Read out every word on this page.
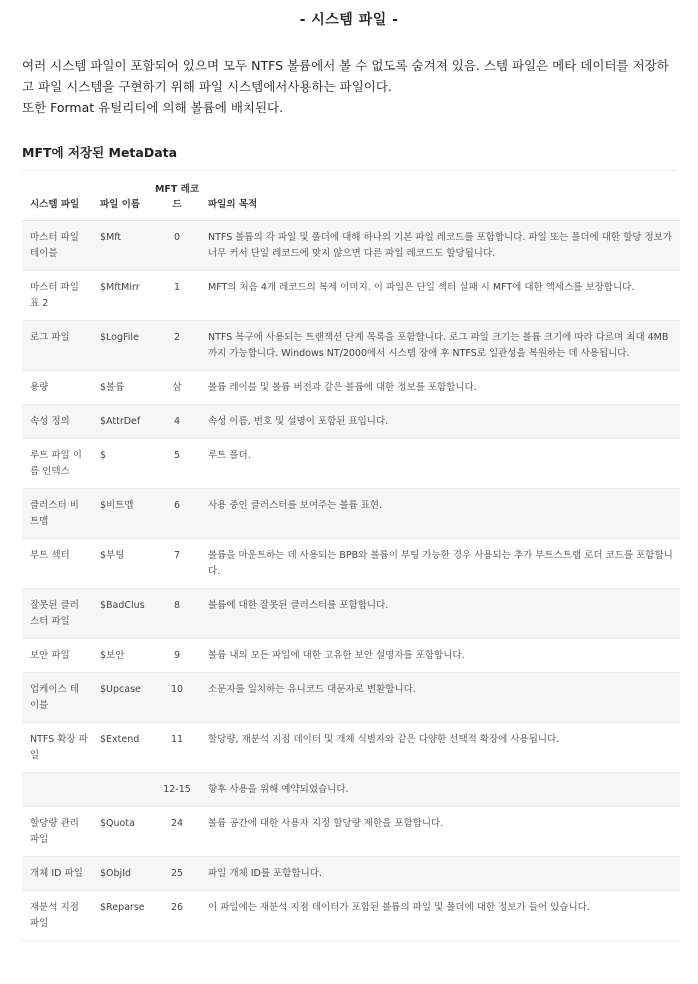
- 시스템 파일 -

여러 시스템 파일이 포함되어 있으며 모두 NTFS 볼륨에서 볼 수 없도록 숨겨져 있음. 스템 파일은 메타 데이터를 저장하고 파일 시스템을 구현하기 위해 파일 시스템에서사용하는 파일이다.

또한 Format 유틸리티에 의해 볼륨에 배치된다.

MFT에 저장된 MetaData
시스템 파일	파일 이름	MFT 레코드	파일의 목적
마스터 파일 테이블	$Mft	0	NTFS 볼륨의 각 파일 및 폴더에 대해 하나의 기본 파일 레코드를 포함합니다. 파일 또는 폴더에 대한 할당 정보가 너무 커서 단일 레코드에 맞지 않으면 다른 파일 레코드도 할당됩니다.
마스터 파일 표 2	$MftMirr	1	MFT의 처음 4개 레코드의 복제 이미지. 이 파일은 단일 섹터 실패 시 MFT에 대한 액세스를 보장합니다.
로그 파일	$LogFile	2	NTFS 복구에 사용되는 트랜잭션 단계 목록을 포함합니다. 로그 파일 크기는 볼륨 크기에 따라 다르며 최대 4MB까지 가능합니다. Windows NT/2000에서 시스템 장애 후 NTFS로 일관성을 복원하는 데 사용됩니다.
용량	$볼륨	삼	볼륨 레이블 및 볼륨 버전과 같은 볼륨에 대한 정보를 포함합니다.
속성 정의	$AttrDef	4	속성 이름, 번호 및 설명이 포함된 표입니다.
루트 파일 이름 인덱스	$	5	루트 폴더.
클러스터 비트맵	$비트맵	6	사용 중인 클러스터를 보여주는 볼륨 표현.
부트 섹터	$부팅	7	볼륨을 마운트하는 데 사용되는 BPB와 볼륨이 부팅 가능한 경우 사용되는 추가 부트스트랩 로더 코드를 포함합니다.
잘못된 클러스터 파일	$BadClus	8	볼륨에 대한 잘못된 클러스터를 포함합니다.
보안 파일	$보안	9	볼륨 내의 모든 파일에 대한 고유한 보안 설명자를 포함합니다.
업케이스 테이블	$Upcase	10	소문자를 일치하는 유니코드 대문자로 변환합니다.
NTFS 확장 파일	$Extend	11	할당량, 재분석 지점 데이터 및 개체 식별자와 같은 다양한 선택적 확장에 사용됩니다.
		12-15	향후 사용을 위해 예약되었습니다.
할당량 관리 파일	$Quota	24	볼륨 공간에 대한 사용자 지정 할당량 제한을 포함합니다.
개체 ID 파일	$ObjId	25	파일 개체 ID를 포함합니다.
재분석 지점 파일	$Reparse	26	이 파일에는 재분석 지점 데이터가 포함된 볼륨의 파일 및 폴더에 대한 정보가 들어 있습니다.
